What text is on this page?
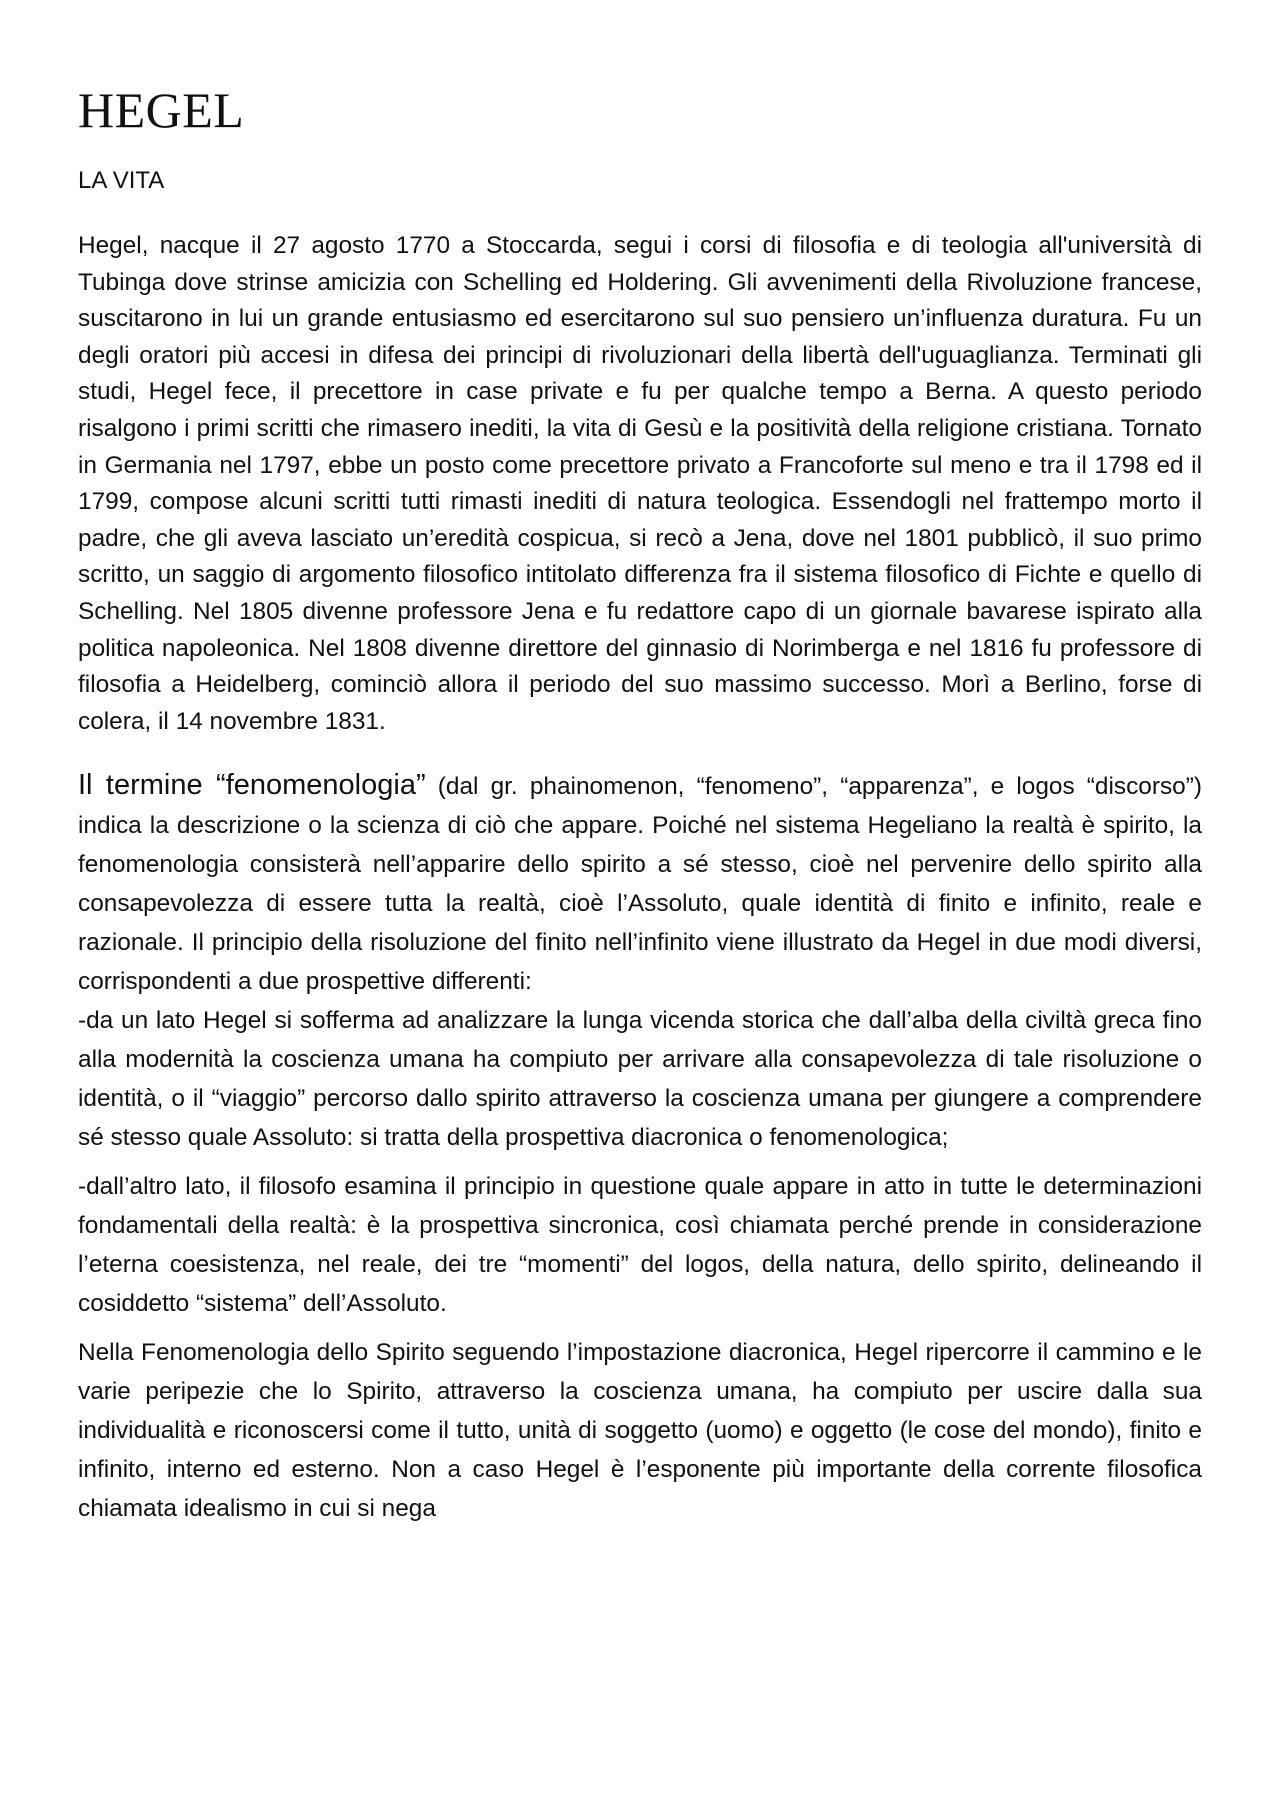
HEGEL
LA VITA

Hegel, nacque il 27 agosto 1770 a Stoccarda, segui i corsi di filosofia e di teologia all'università di Tubinga dove strinse amicizia con Schelling ed Holdering. Gli avvenimenti della Rivoluzione francese, suscitarono in lui un grande entusiasmo ed esercitarono sul suo pensiero un’influenza duratura. Fu un degli oratori più accesi in difesa dei principi di rivoluzionari della libertà dell'uguaglianza. Terminati gli studi, Hegel fece, il precettore in case private e fu per qualche tempo a Berna. A questo periodo risalgono i primi scritti che rimasero inediti, la vita di Gesù e la positività della religione cristiana. Tornato in Germania nel 1797, ebbe un posto come precettore privato a Francoforte sul meno e tra il 1798 ed il 1799, compose alcuni scritti tutti rimasti inediti di natura teologica. Essendogli nel frattempo morto il padre, che gli aveva lasciato un’eredità cospicua, si recò a Jena, dove nel 1801 pubblicò, il suo primo scritto, un saggio di argomento filosofico intitolato differenza fra il sistema filosofico di Fichte e quello di Schelling. Nel 1805 divenne professore Jena e fu redattore capo di un giornale bavarese ispirato alla politica napoleonica. Nel 1808 divenne direttore del ginnasio di Norimberga e nel 1816 fu professore di filosofia a Heidelberg, cominciò allora il periodo del suo massimo successo. Morì a Berlino, forse di colera, il 14 novembre 1831.

Il termine “fenomenologia” (dal gr. phainomenon, “fenomeno”, “apparenza”, e logos “discorso”) indica la descrizione o la scienza di ciò che appare. Poiché nel sistema Hegeliano la realtà è spirito, la fenomenologia consisterà nell’apparire dello spirito a sé stesso, cioè nel pervenire dello spirito alla consapevolezza di essere tutta la realtà, cioè l’Assoluto, quale identità di finito e infinito, reale e razionale. Il principio della risoluzione del finito nell’infinito viene illustrato da Hegel in due modi diversi, corrispondenti a due prospettive differenti:

-da un lato Hegel si sofferma ad analizzare la lunga vicenda storica che dall’alba della civiltà greca fino alla modernità la coscienza umana ha compiuto per arrivare alla consapevolezza di tale risoluzione o identità, o il “viaggio” percorso dallo spirito attraverso la coscienza umana per giungere a comprendere sé stesso quale Assoluto: si tratta della prospettiva diacronica o fenomenologica;

-dall’altro lato, il filosofo esamina il principio in questione quale appare in atto in tutte le determinazioni fondamentali della realtà: è la prospettiva sincronica, così chiamata perché prende in considerazione l’eterna coesistenza, nel reale, dei tre “momenti” del logos, della natura, dello spirito, delineando il cosiddetto “sistema” dell’Assoluto.

Nella Fenomenologia dello Spirito seguendo l’impostazione diacronica, Hegel ripercorre il cammino e le varie peripezie che lo Spirito, attraverso la coscienza umana, ha compiuto per uscire dalla sua individualità e riconoscersi come il tutto, unità di soggetto (uomo) e oggetto (le cose del mondo), finito e infinito, interno ed esterno. Non a caso Hegel è l’esponente più importante della corrente filosofica chiamata idealismo in cui si nega
